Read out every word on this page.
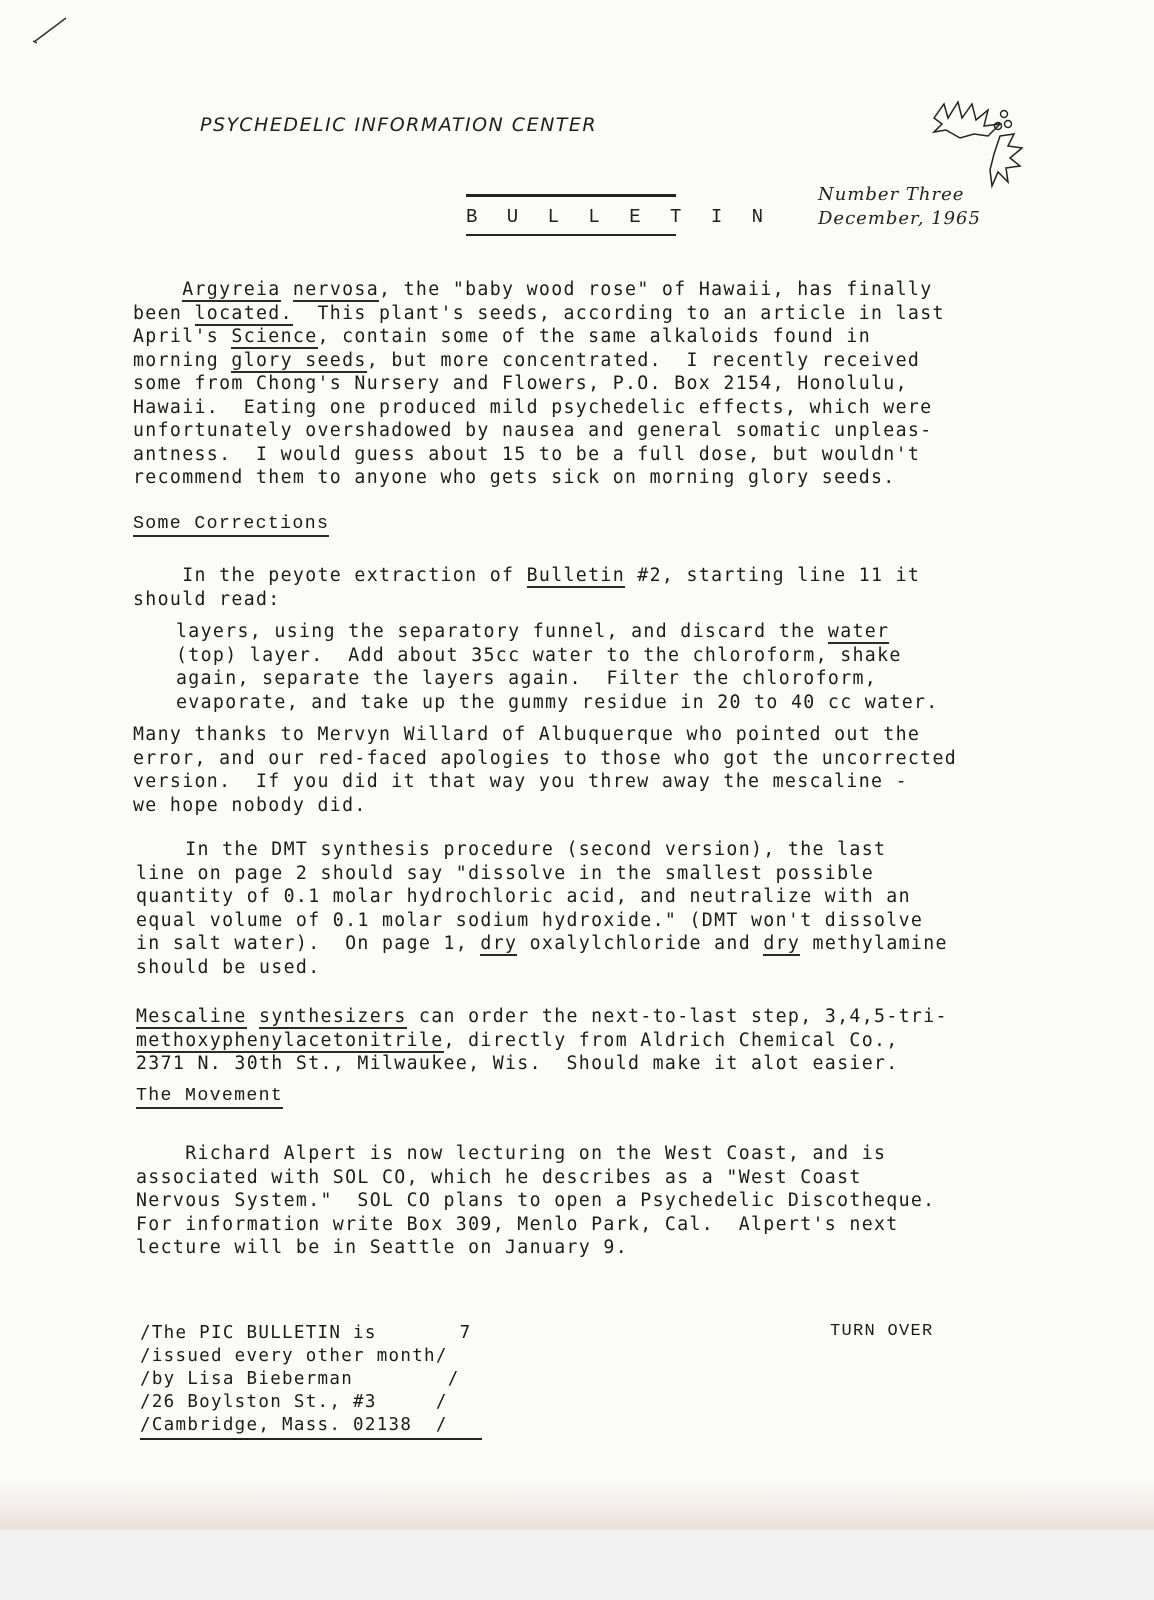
PSYCHEDELIC INFORMATION CENTER
B U L L E T I N
Number Three
December, 1965
Argyreia nervosa, the "baby wood rose" of Hawaii, has finally
been located.  This plant's seeds, according to an article in last
April's Science, contain some of the same alkaloids found in
morning glory seeds, but more concentrated.  I recently received
some from Chong's Nursery and Flowers, P.O. Box 2154, Honolulu,
Hawaii.  Eating one produced mild psychedelic effects, which were
unfortunately overshadowed by nausea and general somatic unpleas-
antness.  I would guess about 15 to be a full dose, but wouldn't
recommend them to anyone who gets sick on morning glory seeds.
Some Corrections
In the peyote extraction of Bulletin #2, starting line 11 it
should read:
layers, using the separatory funnel, and discard the water
(top) layer.  Add about 35cc water to the chloroform, shake
again, separate the layers again.  Filter the chloroform,
evaporate, and take up the gummy residue in 20 to 40 cc water.
Many thanks to Mervyn Willard of Albuquerque who pointed out the
error, and our red-faced apologies to those who got the uncorrected
version.  If you did it that way you threw away the mescaline -
we hope nobody did.
In the DMT synthesis procedure (second version), the last
line on page 2 should say "dissolve in the smallest possible
quantity of 0.1 molar hydrochloric acid, and neutralize with an
equal volume of 0.1 molar sodium hydroxide." (DMT won't dissolve
in salt water).  On page 1, dry oxalylchloride and dry methylamine
should be used.
Mescaline synthesizers can order the next-to-last step, 3,4,5-tri-
methoxyphenylacetonitrile, directly from Aldrich Chemical Co.,
2371 N. 30th St., Milwaukee, Wis.  Should make it alot easier.
The Movement
Richard Alpert is now lecturing on the West Coast, and is
associated with SOL CO, which he describes as a "West Coast
Nervous System."  SOL CO plans to open a Psychedelic Discotheque.
For information write Box 309, Menlo Park, Cal.  Alpert's next
lecture will be in Seattle on January 9.
/The PIC BULLETIN is       7
/issued every other month/
/by Lisa Bieberman        /
/26 Boylston St., #3     /
/Cambridge, Mass. 02138  /
TURN OVER
